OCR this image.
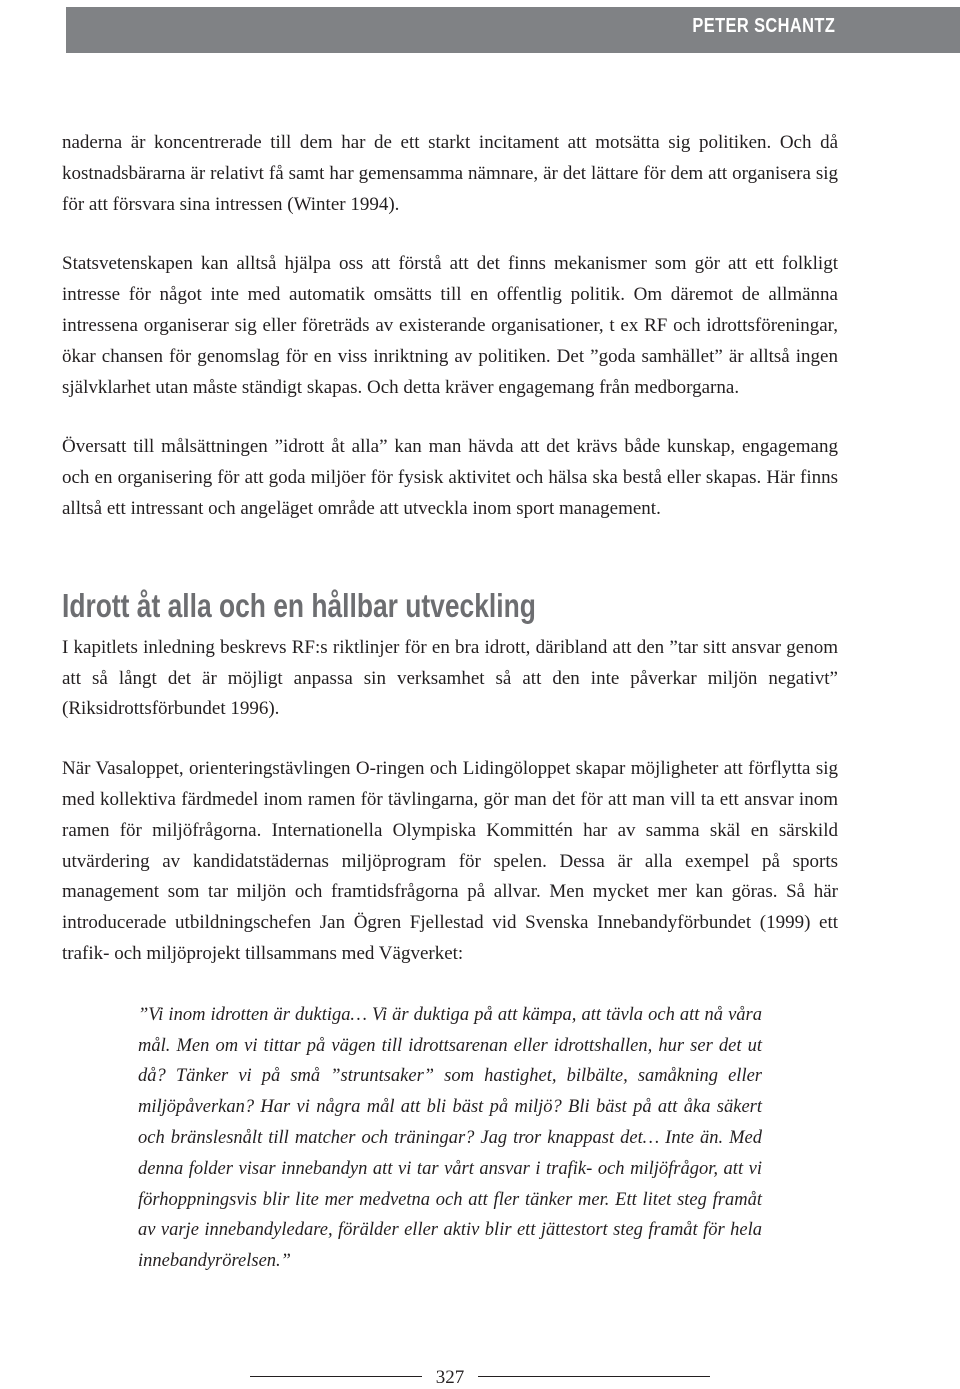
PETER SCHANTZ

naderna är koncentrerade till dem har de ett starkt incitament att motsätta sig politiken. Och då kostnadsbärarna är relativt få samt har gemensamma nämnare, är det lättare för dem att organisera sig för att försvara sina intressen (Winter 1994).

Statsvetenskapen kan alltså hjälpa oss att förstå att det finns mekanismer som gör att ett folkligt intresse för något inte med automatik omsätts till en offentlig politik. Om däremot de allmänna intressena organiserar sig eller företräds av existerande organisationer, t ex RF och idrottsföreningar, ökar chansen för genomslag för en viss inriktning av politiken. Det ”goda samhället” är alltså ingen självklarhet utan måste ständigt skapas. Och detta kräver engagemang från medborgarna.

Översatt till målsättningen ”idrott åt alla” kan man hävda att det krävs både kunskap, engagemang och en organisering för att goda miljöer för fysisk aktivitet och hälsa ska bestå eller skapas. Här finns alltså ett intressant och angeläget område att utveckla inom sport management.

Idrott åt alla och en hållbar utveckling

I kapitlets inledning beskrevs RF:s riktlinjer för en bra idrott, däribland att den ”tar sitt ansvar genom att så långt det är möjligt anpassa sin verksamhet så att den inte påverkar miljön negativt” (Riksidrottsförbundet 1996).

När Vasaloppet, orienteringstävlingen O-ringen och Lidingöloppet skapar möjligheter att förflytta sig med kollektiva färdmedel inom ramen för tävlingarna, gör man det för att man vill ta ett ansvar inom ramen för miljöfrågorna. Internationella Olympiska Kommittén har av samma skäl en särskild utvärdering av kandidatstädernas miljöprogram för spelen. Dessa är alla exempel på sports management som tar miljön och framtidsfrågorna på allvar. Men mycket mer kan göras. Så här introducerade utbildningschefen Jan Ögren Fjellestad vid Svenska Innebandyförbundet (1999) ett trafik- och miljöprojekt tillsammans med Vägverket:

”Vi inom idrotten är duktiga… Vi är duktiga på att kämpa, att tävla och att nå våra mål. Men om vi tittar på vägen till idrottsarenan eller idrottshallen, hur ser det ut då? Tänker vi på små ”struntsaker” som hastighet, bilbälte, samåkning eller miljöpåverkan? Har vi några mål att bli bäst på miljö? Bli bäst på att åka säkert och bränslesnålt till matcher och träningar? Jag tror knappast det… Inte än. Med denna folder visar innebandyn att vi tar vårt ansvar i trafik- och miljöfrågor, att vi förhoppningsvis blir lite mer medvetna och att fler tänker mer. Ett litet steg framåt av varje innebandyledare, förälder eller aktiv blir ett jättestort steg framåt för hela innebandyrörelsen.”
327
